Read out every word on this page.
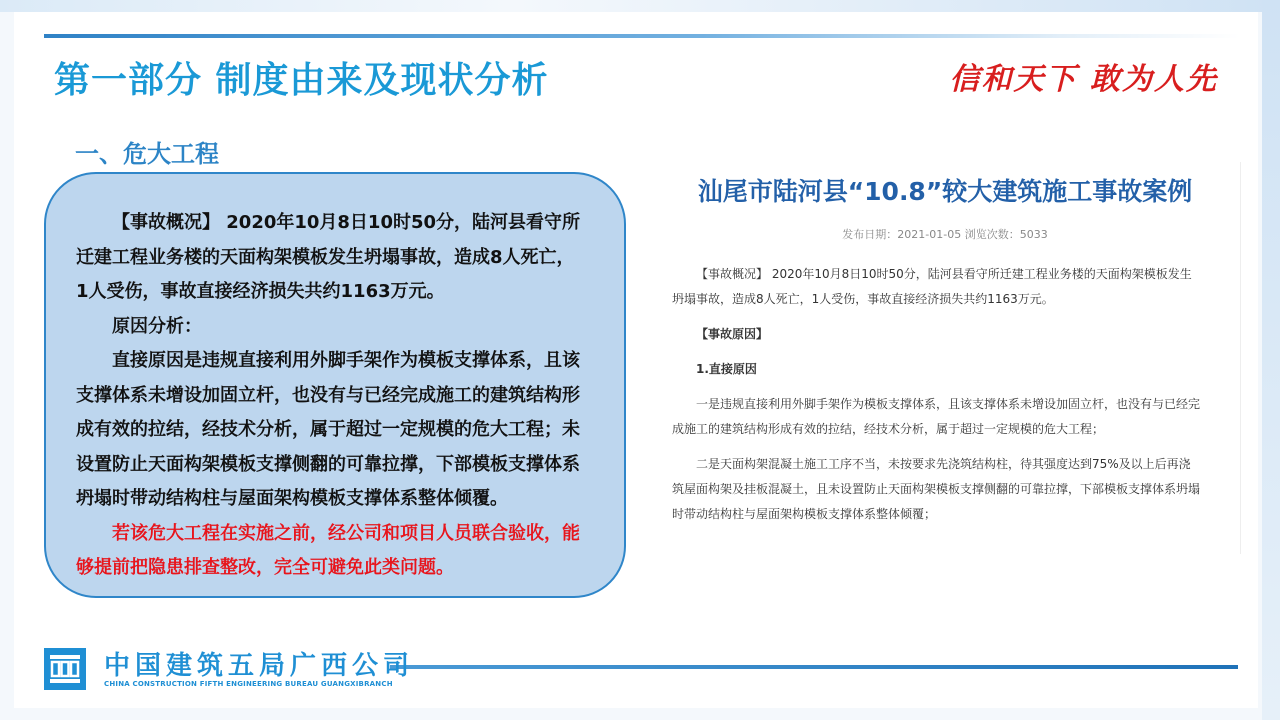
第一部分 制度由来及现状分析	信和天下 敢为人先
一、危大工程

【事故概况】 2020年10月8日10时50分，陆河县看守所迁建工程业务楼的天面构架模板发生坍塌事故，造成8人死亡，1人受伤，事故直接经济损失共约1163万元。

原因分析：

直接原因是违规直接利用外脚手架作为模板支撑体系，且该支撑体系未增设加固立杆，也没有与已经完成施工的建筑结构形成有效的拉结，经技术分析，属于超过一定规模的危大工程；未设置防止天面构架模板支撑侧翻的可靠拉撑，下部模板支撑体系坍塌时带动结构柱与屋面架构模板支撑体系整体倾覆。

若该危大工程在实施之前，经公司和项目人员联合验收，能够提前把隐患排查整改，完全可避免此类问题。

汕尾市陆河县“10.8”较大建筑施工事故案例
发布日期：2021-01-05 浏览次数：5033

【事故概况】 2020年10月8日10时50分，陆河县看守所迁建工程业务楼的天面构架模板发生坍塌事故，造成8人死亡，1人受伤，事故直接经济损失共约1163万元。

【事故原因】

1.直接原因

一是违规直接利用外脚手架作为模板支撑体系，且该支撑体系未增设加固立杆，也没有与已经完成施工的建筑结构形成有效的拉结，经技术分析，属于超过一定规模的危大工程；

二是天面构架混凝土施工工序不当，未按要求先浇筑结构柱，待其强度达到75%及以上后再浇筑屋面构架及挂板混凝土，且未设置防止天面构架模板支撑侧翻的可靠拉撑，下部模板支撑体系坍塌时带动结构柱与屋面架构模板支撑体系整体倾覆；

中国建筑五局广西公司

CHINA CONSTRUCTION FIFTH ENGINEERING BUREAU GUANGXIBRANCH
